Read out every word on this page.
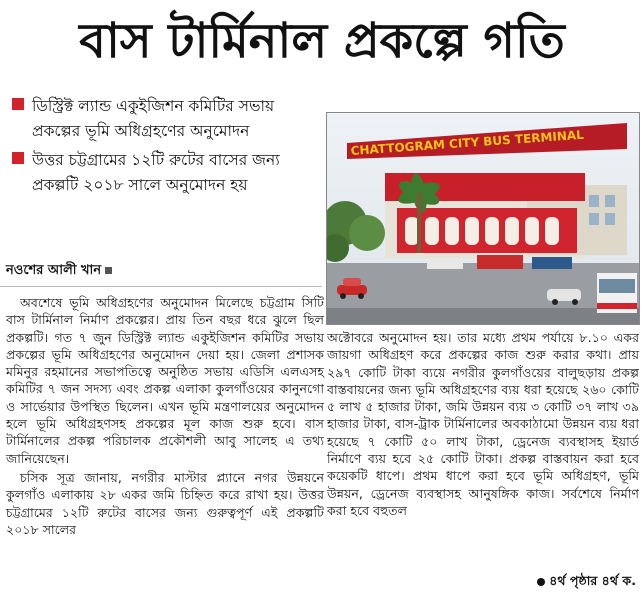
বাস টার্মিনাল প্রকল্পে গতি
ডিস্ট্রিক্ট ল্যান্ড একুইজিশন কমিটির সভায় প্রকল্পের ভূমি অধিগ্রহণের অনুমোদন
উত্তর চট্টগ্রামের ১২টি রুটের বাসের জন্য প্রকল্পটি ২০১৮ সালে অনুমোদন হয়
নওশের আলী খান

অবশেষে ভূমি অধিগ্রহণের অনুমোদন মিলেছে চট্টগ্রাম সিটি বাস টার্মিনাল নির্মাণ প্রকল্পের। প্রায় তিন বছর ধরে ঝুলে ছিল প্রকল্পটি। গত ৭ জুন ডিস্ট্রিক্ট ল্যান্ড একুইজিশন কমিটির সভায় প্রকল্পের ভূমি অধিগ্রহণের অনুমোদন দেয়া হয়। জেলা প্রশাসক মমিনুর রহমানের সভাপতিত্বে অনুষ্ঠিত সভায় এডিসি এলএসহ কমিটির ৭ জন সদস্য এবং প্রকল্প এলাকা কুলগাঁওয়ের কানুনগো ও সার্ভেয়ার উপস্থিত ছিলেন। এখন ভূমি মন্ত্রণালয়ের অনুমোদন হলে ভূমি অধিগ্রহণসহ প্রকল্পের মূল কাজ শুরু হবে। বাস টার্মিনালের প্রকল্প পরিচালক প্রকৌশলী আবু সালেহ এ তথ্য জানিয়েছেন।

চসিক সূত্র জানায়, নগরীর মাস্টার প্ল্যানে নগর উন্নয়নে কুলগাঁও এলাকায় ২৮ একর জমি চিহ্নিত করে রাখা হয়। উত্তর চট্টগ্রামের ১২টি রুটের বাসের জন্য গুরুত্বপূর্ণ এই প্রকল্পটি ২০১৮ সালের

CHATTOGRAM CITY BUS TERMINAL

অক্টোবরে অনুমোদন হয়। তার মধ্যে প্রথম পর্যায়ে ৮.১০ একর জায়গা অধিগ্রহণ করে প্রকল্পের কাজ শুরু করার কথা। প্রায় ২৯৭ কোটি টাকা ব্যয়ে নগরীর কুলগাঁওয়ের বালুছড়ায় প্রকল্প বাস্তবায়নের জন্য ভূমি অধিগ্রহণের ব্যয় ধরা হয়েছে ২৬০ কোটি ৫ লাখ ৫ হাজার টাকা, জমি উন্নয়ন ব্যয় ৩ কোটি ৩৭ লাখ ৩৯ হাজার টাকা, বাস-ট্রাক টার্মিনালের অবকাঠামো উন্নয়ন ব্যয় ধরা হয়েছে ৭ কোটি ৫০ লাখ টাকা, ড্রেনেজ ব্যবস্থাসহ ইয়ার্ড নির্মাণে ব্যয় হবে ২৫ কোটি টাকা। প্রকল্প বাস্তবায়ন করা হবে কয়েকটি ধাপে। প্রথম ধাপে করা হবে ভূমি অধিগ্রহণ, ভূমি উন্নয়ন, ড্রেনেজ ব্যবস্থাসহ আনুষঙ্গিক কাজ। সর্বশেষে নির্মাণ করা হবে বহুতল

৪র্থ পৃষ্ঠার ৪র্থ ক.
